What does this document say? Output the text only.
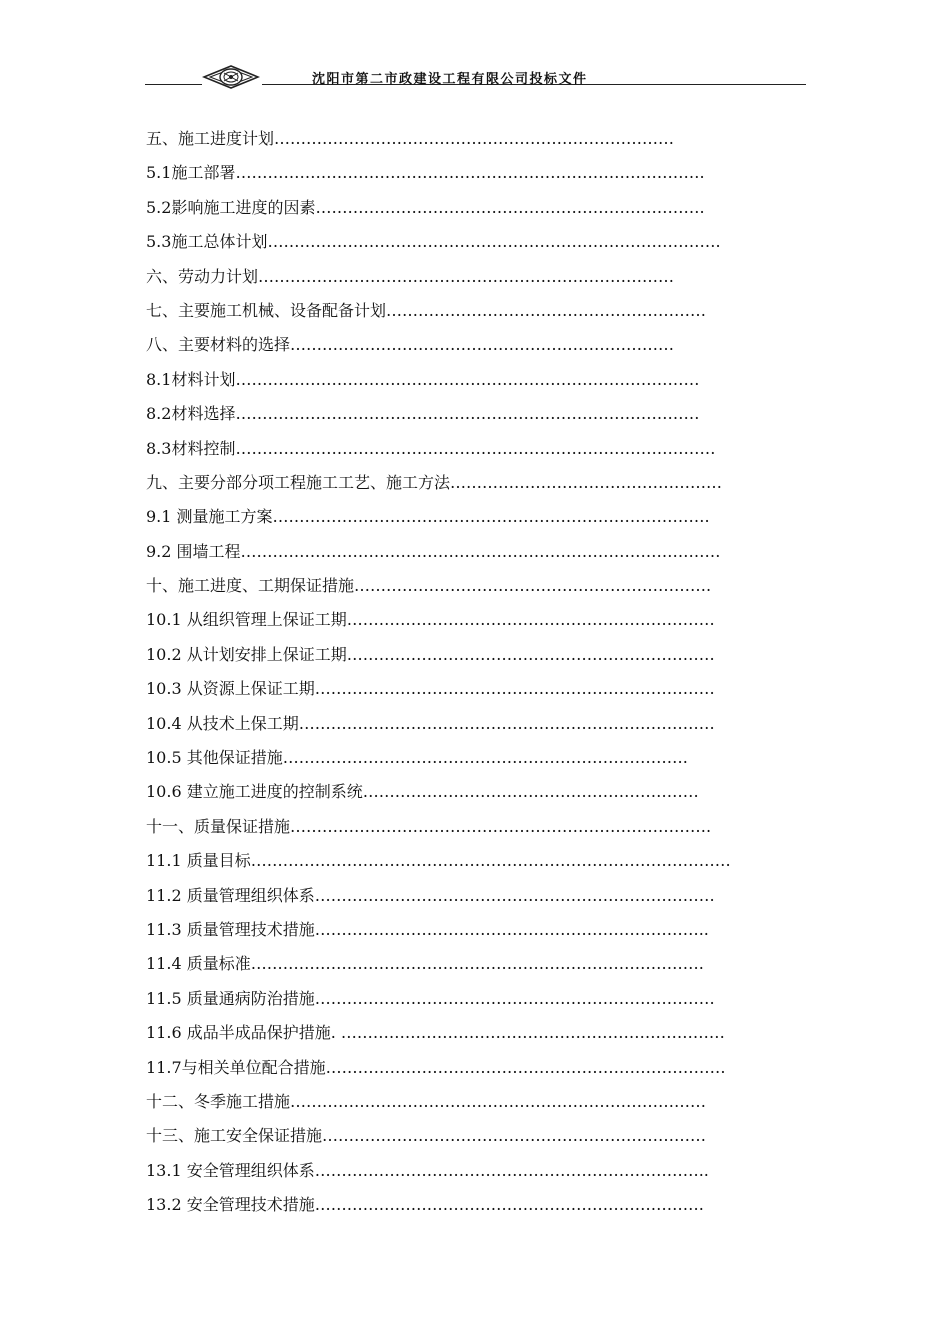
沈阳市第二市政建设工程有限公司投标文件
五、施工进度计划…………………………………………………………………
5.1施工部署…………………………………………………………………………….
5.2影响施工进度的因素……………………………………………………………….
5.3施工总体计划………………………………………………………………………….
六、劳动力计划……………………………………………………………………
七、主要施工机械、设备配备计划……………………………………………………
八、主要材料的选择………………………………………………………………
8.1材料计划……………………………………………………………………………
8.2材料选择……………………………………………………………………………
8.3材料控制………………………………………………………………………………
九、主要分部分项工程施工工艺、施工方法……………………………………………
9.1 测量施工方案……………………………………………………………………….
9.2 围墙工程………………………………………………………………………………
十、施工进度、工期保证措施………………………………………………………….
10.1 从组织管理上保证工期……………………………………………………………
10.2 从计划安排上保证工期……………………………………………………………
10.3 从资源上保证工期…………………………………………………………………
10.4 从技术上保工期……………………………………………………………………
10.5 其他保证措施………………………………………………………………….
10.6 建立施工进度的控制系统………………………………………………………
十一、质量保证措施…………………………………………………………………….
11.1 质量目标………………………………………………………………………………
11.2 质量管理组织体系…………………………………………………………………
11.3 质量管理技术措施………………………………………………………………..
11.4 质量标准………………………………………………………………………….
11.5 质量通病防治措施…………………………………………………………………
11.6 成品半成品保护措施. ………………………………………………………………
11.7与相关单位配合措施…………………………………………………………………
十二、冬季施工措施……………………………………………………………………
十三、施工安全保证措施………………………………………………………………
13.1 安全管理组织体系………………………………………………………………..
13.2 安全管理技术措施……………………………………………………………….
